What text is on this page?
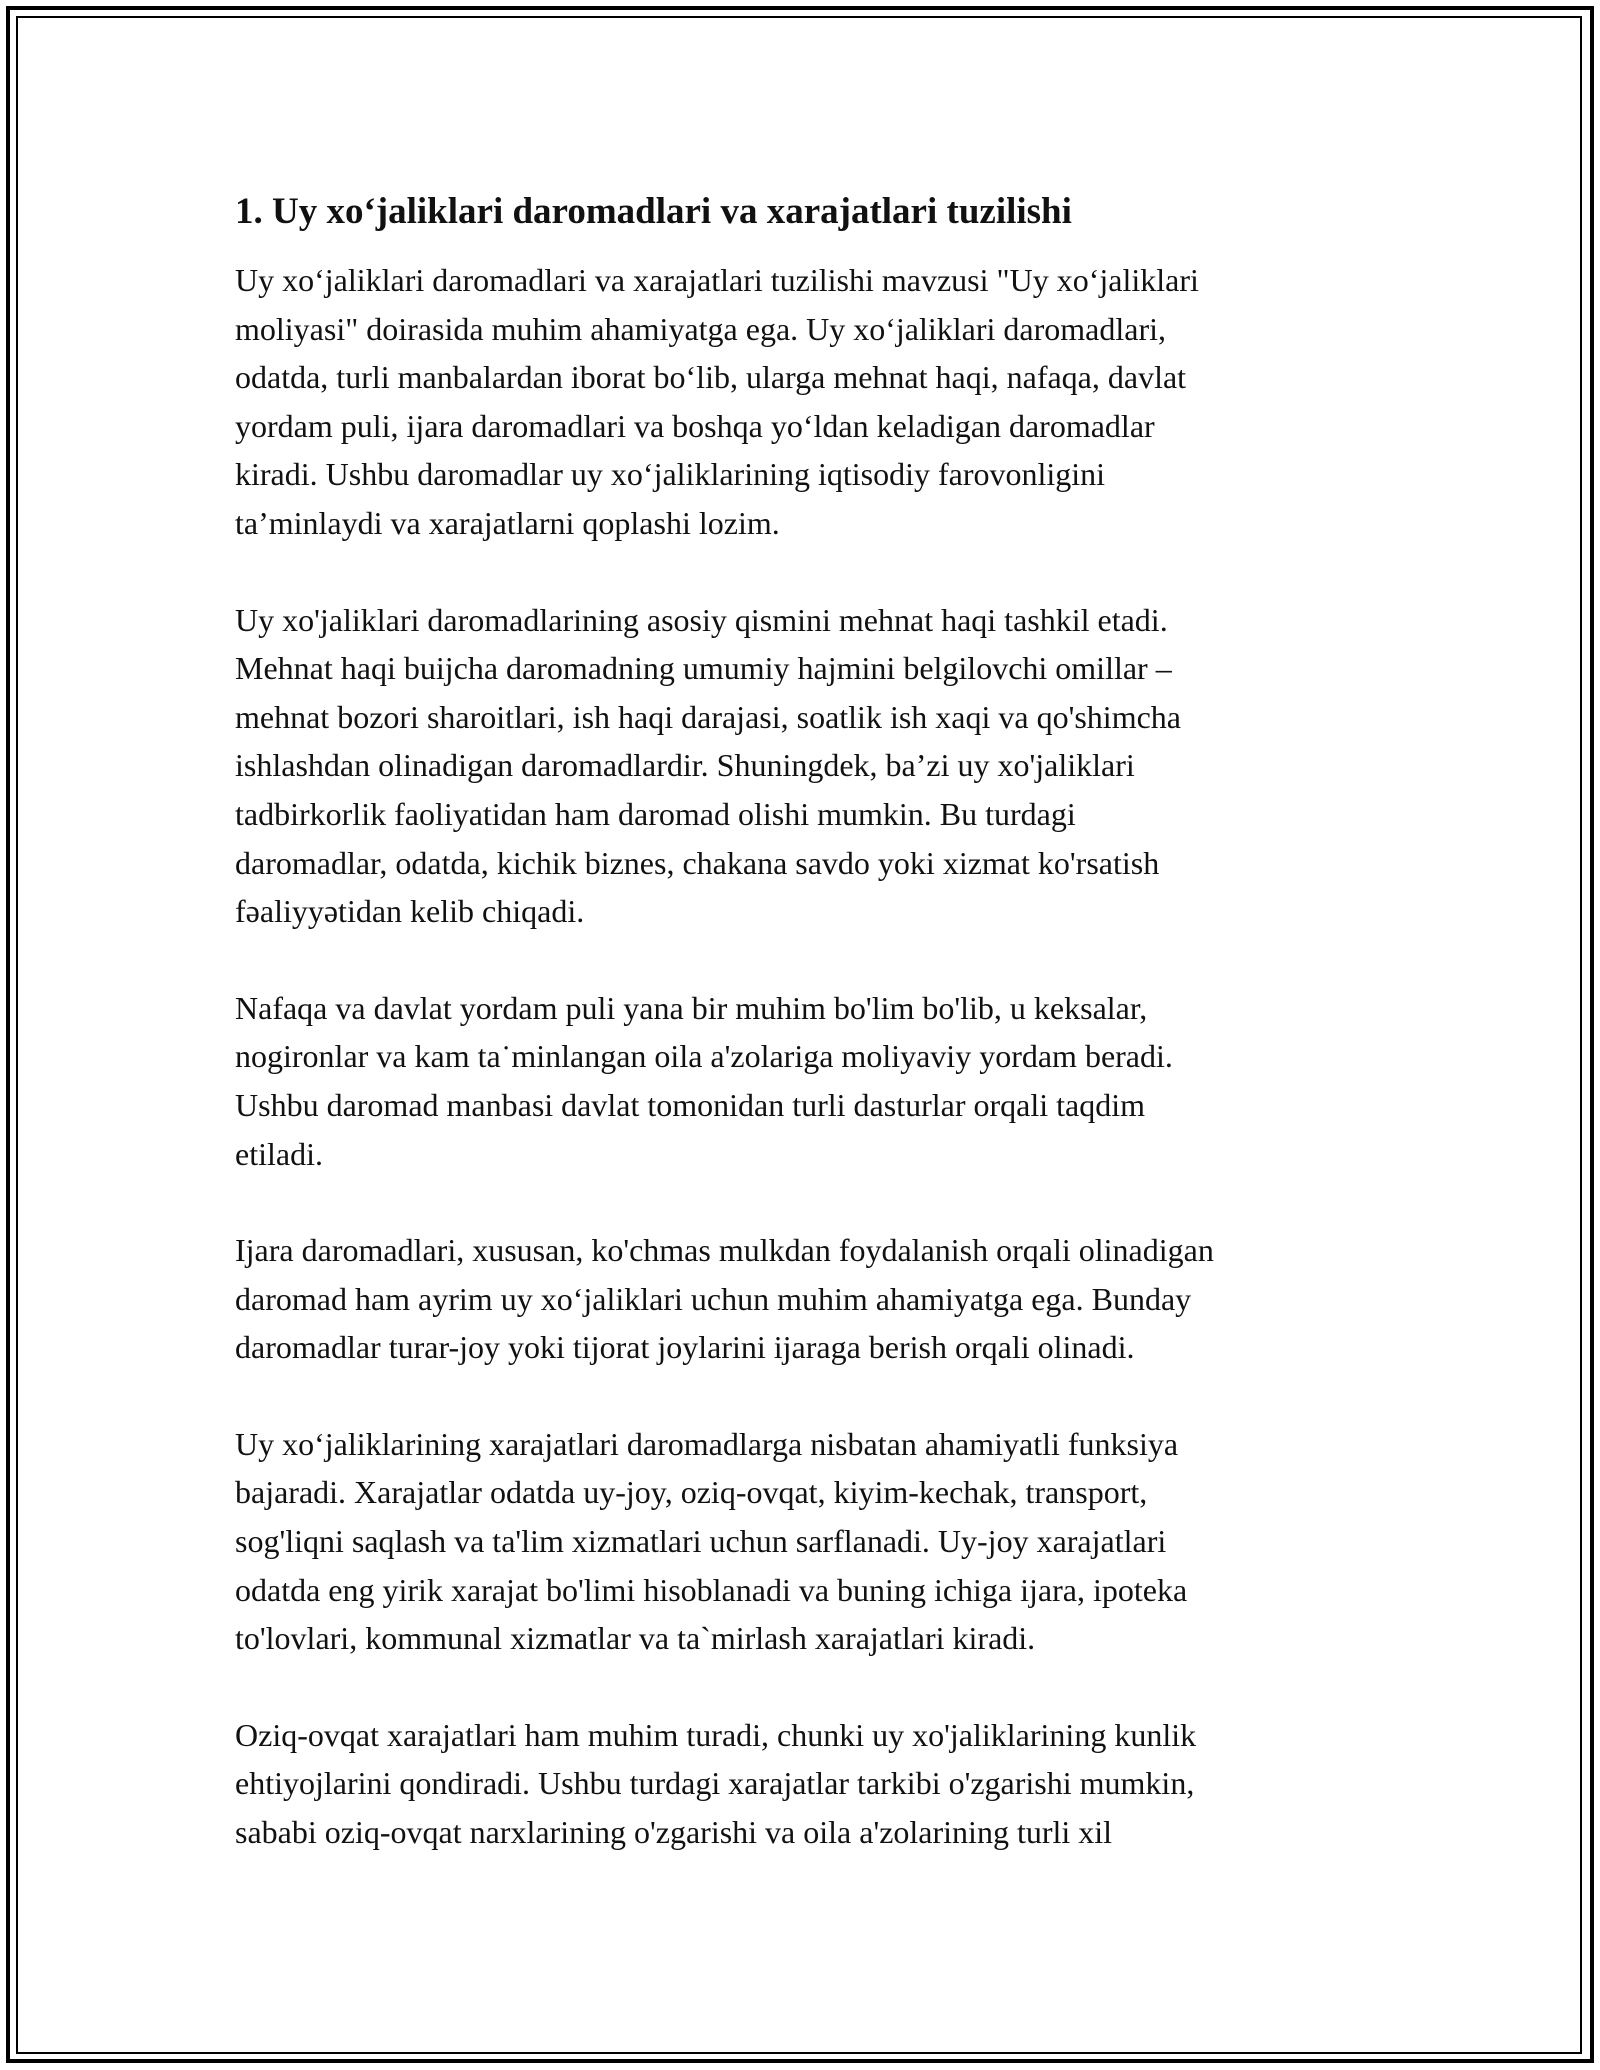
1. Uy xo‘jaliklari daromadlari va xarajatlari tuzilishi

Uy xo‘jaliklari daromadlari va xarajatlari tuzilishi mavzusi "Uy xo‘jaliklari
moliyasi" doirasida muhim ahamiyatga ega. Uy xo‘jaliklari daromadlari,
odatda, turli manbalardan iborat bo‘lib, ularga mehnat haqi, nafaqa, davlat
yordam puli, ijara daromadlari va boshqa yo‘ldan keladigan daromadlar
kiradi. Ushbu daromadlar uy xo‘jaliklarining iqtisodiy farovonligini
ta’minlaydi va xarajatlarni qoplashi lozim.

Uy xo'jaliklari daromadlarining asosiy qismini mehnat haqi tashkil etadi.
Mehnat haqi buijcha daromadning umumiy hajmini belgilovchi omillar –
mehnat bozori sharoitlari, ish haqi darajasi, soatlik ish xaqi va qo'shimcha
ishlashdan olinadigan daromadlardir. Shuningdek, ba’zi uy xo'jaliklari
tadbirkorlik faoliyatidan ham daromad olishi mumkin. Bu turdagi
daromadlar, odatda, kichik biznes, chakana savdo yoki xizmat ko'rsatish
fəaliyyətidan kelib chiqadi.

Nafaqa va davlat yordam puli yana bir muhim bo'lim bo'lib, u keksalar,
nogironlar va kam ta˙minlangan oila a'zolariga moliyaviy yordam beradi.
Ushbu daromad manbasi davlat tomonidan turli dasturlar orqali taqdim
etiladi.

Ijara daromadlari, xususan, ko'chmas mulkdan foydalanish orqali olinadigan
daromad ham ayrim uy xo‘jaliklari uchun muhim ahamiyatga ega. Bunday
daromadlar turar-joy yoki tijorat joylarini ijaraga berish orqali olinadi.

Uy xo‘jaliklarining xarajatlari daromadlarga nisbatan ahamiyatli funksiya
bajaradi. Xarajatlar odatda uy-joy, oziq-ovqat, kiyim-kechak, transport,
sog'liqni saqlash va ta'lim xizmatlari uchun sarflanadi. Uy-joy xarajatlari
odatda eng yirik xarajat bo'limi hisoblanadi va buning ichiga ijara, ipoteka
to'lovlari, kommunal xizmatlar va ta`mirlash xarajatlari kiradi.

Oziq-ovqat xarajatlari ham muhim turadi, chunki uy xo'jaliklarining kunlik
ehtiyojlarini qondiradi. Ushbu turdagi xarajatlar tarkibi o'zgarishi mumkin,
sababi oziq-ovqat narxlarining o'zgarishi va oila a'zolarining turli xil
